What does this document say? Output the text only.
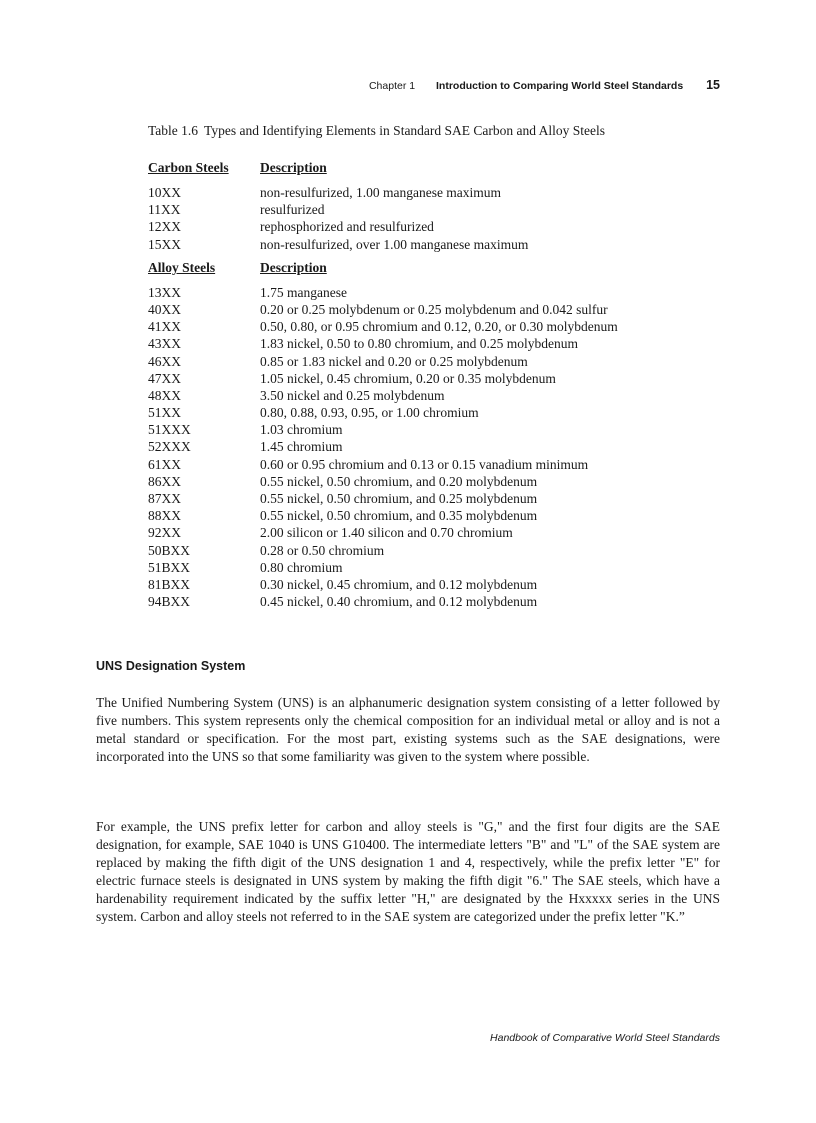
Chapter 1 Introduction to Comparing World Steel Standards 15
Table 1.6 Types and Identifying Elements in Standard SAE Carbon and Alloy Steels
Carbon Steels	Description
10XX	non-resulfurized, 1.00 manganese maximum
11XX	resulfurized
12XX	rephosphorized and resulfurized
15XX	non-resulfurized, over 1.00 manganese maximum
Alloy Steels	Description
13XX	1.75 manganese
40XX	0.20 or 0.25 molybdenum or 0.25 molybdenum and 0.042 sulfur
41XX	0.50, 0.80, or 0.95 chromium and 0.12, 0.20, or 0.30 molybdenum
43XX	1.83 nickel, 0.50 to 0.80 chromium, and 0.25 molybdenum
46XX	0.85 or 1.83 nickel and 0.20 or 0.25 molybdenum
47XX	1.05 nickel, 0.45 chromium, 0.20 or 0.35 molybdenum
48XX	3.50 nickel and 0.25 molybdenum
51XX	0.80, 0.88, 0.93, 0.95, or 1.00 chromium
51XXX	1.03 chromium
52XXX	1.45 chromium
61XX	0.60 or 0.95 chromium and 0.13 or 0.15 vanadium minimum
86XX	0.55 nickel, 0.50 chromium, and 0.20 molybdenum
87XX	0.55 nickel, 0.50 chromium, and 0.25 molybdenum
88XX	0.55 nickel, 0.50 chromium, and 0.35 molybdenum
92XX	2.00 silicon or 1.40 silicon and 0.70 chromium
50BXX	0.28 or 0.50 chromium
51BXX	0.80 chromium
81BXX	0.30 nickel, 0.45 chromium, and 0.12 molybdenum
94BXX	0.45 nickel, 0.40 chromium, and 0.12 molybdenum
UNS Designation System

The Unified Numbering System (UNS) is an alphanumeric designation system consisting of a letter followed by five numbers. This system represents only the chemical composition for an individual metal or alloy and is not a metal standard or specification. For the most part, existing systems such as the SAE designations, were incorporated into the UNS so that some familiarity was given to the system where possible.

For example, the UNS prefix letter for carbon and alloy steels is "G," and the first four digits are the SAE designation, for example, SAE 1040 is UNS G10400. The intermediate letters "B" and "L" of the SAE system are replaced by making the fifth digit of the UNS designation 1 and 4, respectively, while the prefix letter "E" for electric furnace steels is designated in UNS system by making the fifth digit "6." The SAE steels, which have a hardenability requirement indicated by the suffix letter "H," are designated by the Hxxxxx series in the UNS system. Carbon and alloy steels not referred to in the SAE system are categorized under the prefix letter "K.”

Handbook of Comparative World Steel Standards
